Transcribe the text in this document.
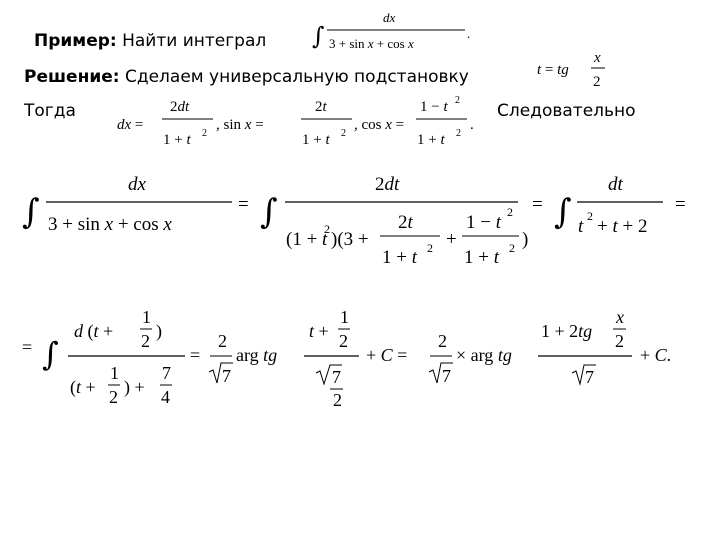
Пример: Найти интеграл ∫
dx
3 + sin x + cos x
.
Решение: Сделаем универсальную подстановку	t = tg
x
2
Тогда	Следовательно
dx =
2dt
1 + t 2
, sin x =
2t
1 + t 2
, cos x =
1 − t 2
1 + t 2
.
∫
dx
3 + sin x + cos x
= ∫
2dt
(1 + t
2 )(3 +
2t
1 + t 2 +
1 − t 2
1 + t 2 )
= ∫
dt
t 2 + t + 2
=
= ∫
d (t +
1
2 )
(t +
1
2 ) +
7
4
=
2
7
arg tg
t +
1
2
7
2
+ C =
2
7
× arg tg
1 + 2tg
x
2
7
+ C.
